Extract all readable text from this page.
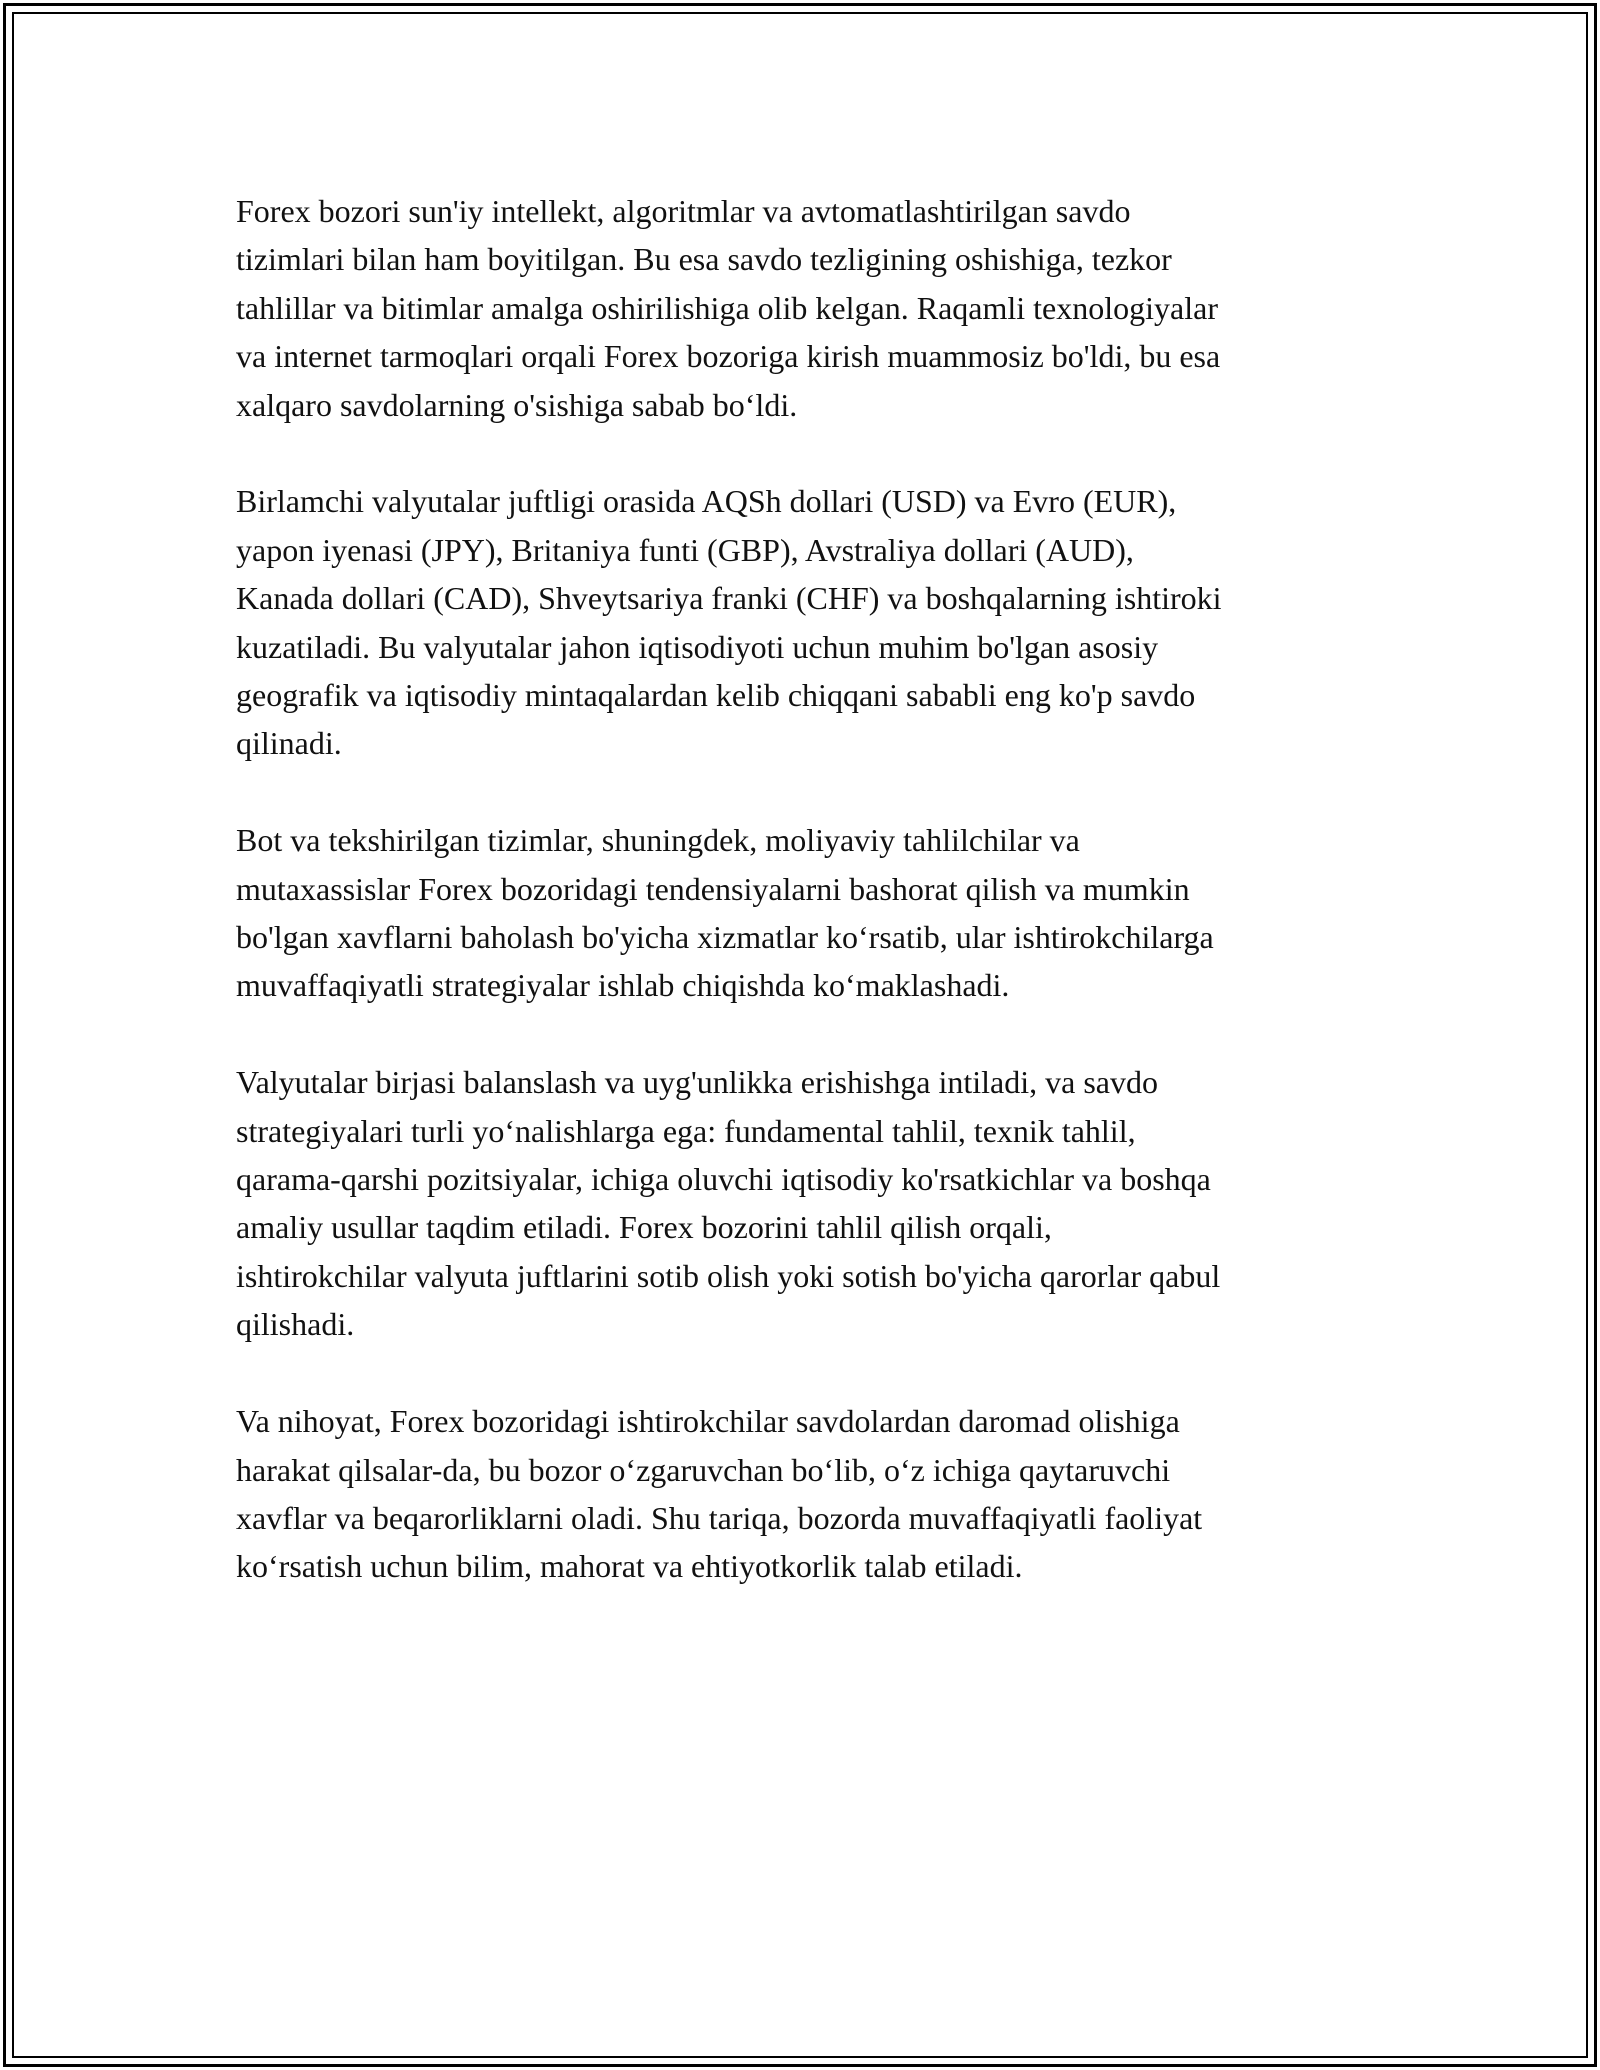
Forex bozori sun'iy intellekt, algoritmlar va avtomatlashtirilgan savdo
tizimlari bilan ham boyitilgan. Bu esa savdo tezligining oshishiga, tezkor
tahlillar va bitimlar amalga oshirilishiga olib kelgan. Raqamli texnologiyalar
va internet tarmoqlari orqali Forex bozoriga kirish muammosiz bo'ldi, bu esa
xalqaro savdolarning o'sishiga sabab bo‘ldi.

Birlamchi valyutalar juftligi orasida AQSh dollari (USD) va Evro (EUR),
yapon iyenasi (JPY), Britaniya funti (GBP), Avstraliya dollari (AUD),
Kanada dollari (CAD), Shveytsariya franki (CHF) va boshqalarning ishtiroki
kuzatiladi. Bu valyutalar jahon iqtisodiyoti uchun muhim bo'lgan asosiy
geografik va iqtisodiy mintaqalardan kelib chiqqani sababli eng ko'p savdo
qilinadi.

Bot va tekshirilgan tizimlar, shuningdek, moliyaviy tahlilchilar va
mutaxassislar Forex bozoridagi tendensiyalarni bashorat qilish va mumkin
bo'lgan xavflarni baholash bo'yicha xizmatlar ko‘rsatib, ular ishtirokchilarga
muvaffaqiyatli strategiyalar ishlab chiqishda ko‘maklashadi.

Valyutalar birjasi balanslash va uyg'unlikka erishishga intiladi, va savdo
strategiyalari turli yo‘nalishlarga ega: fundamental tahlil, texnik tahlil,
qarama-qarshi pozitsiyalar, ichiga oluvchi iqtisodiy ko'rsatkichlar va boshqa
amaliy usullar taqdim etiladi. Forex bozorini tahlil qilish orqali,
ishtirokchilar valyuta juftlarini sotib olish yoki sotish bo'yicha qarorlar qabul
qilishadi.

Va nihoyat, Forex bozoridagi ishtirokchilar savdolardan daromad olishiga
harakat qilsalar-da, bu bozor o‘zgaruvchan bo‘lib, o‘z ichiga qaytaruvchi
xavflar va beqarorliklarni oladi. Shu tariqa, bozorda muvaffaqiyatli faoliyat
ko‘rsatish uchun bilim, mahorat va ehtiyotkorlik talab etiladi.
